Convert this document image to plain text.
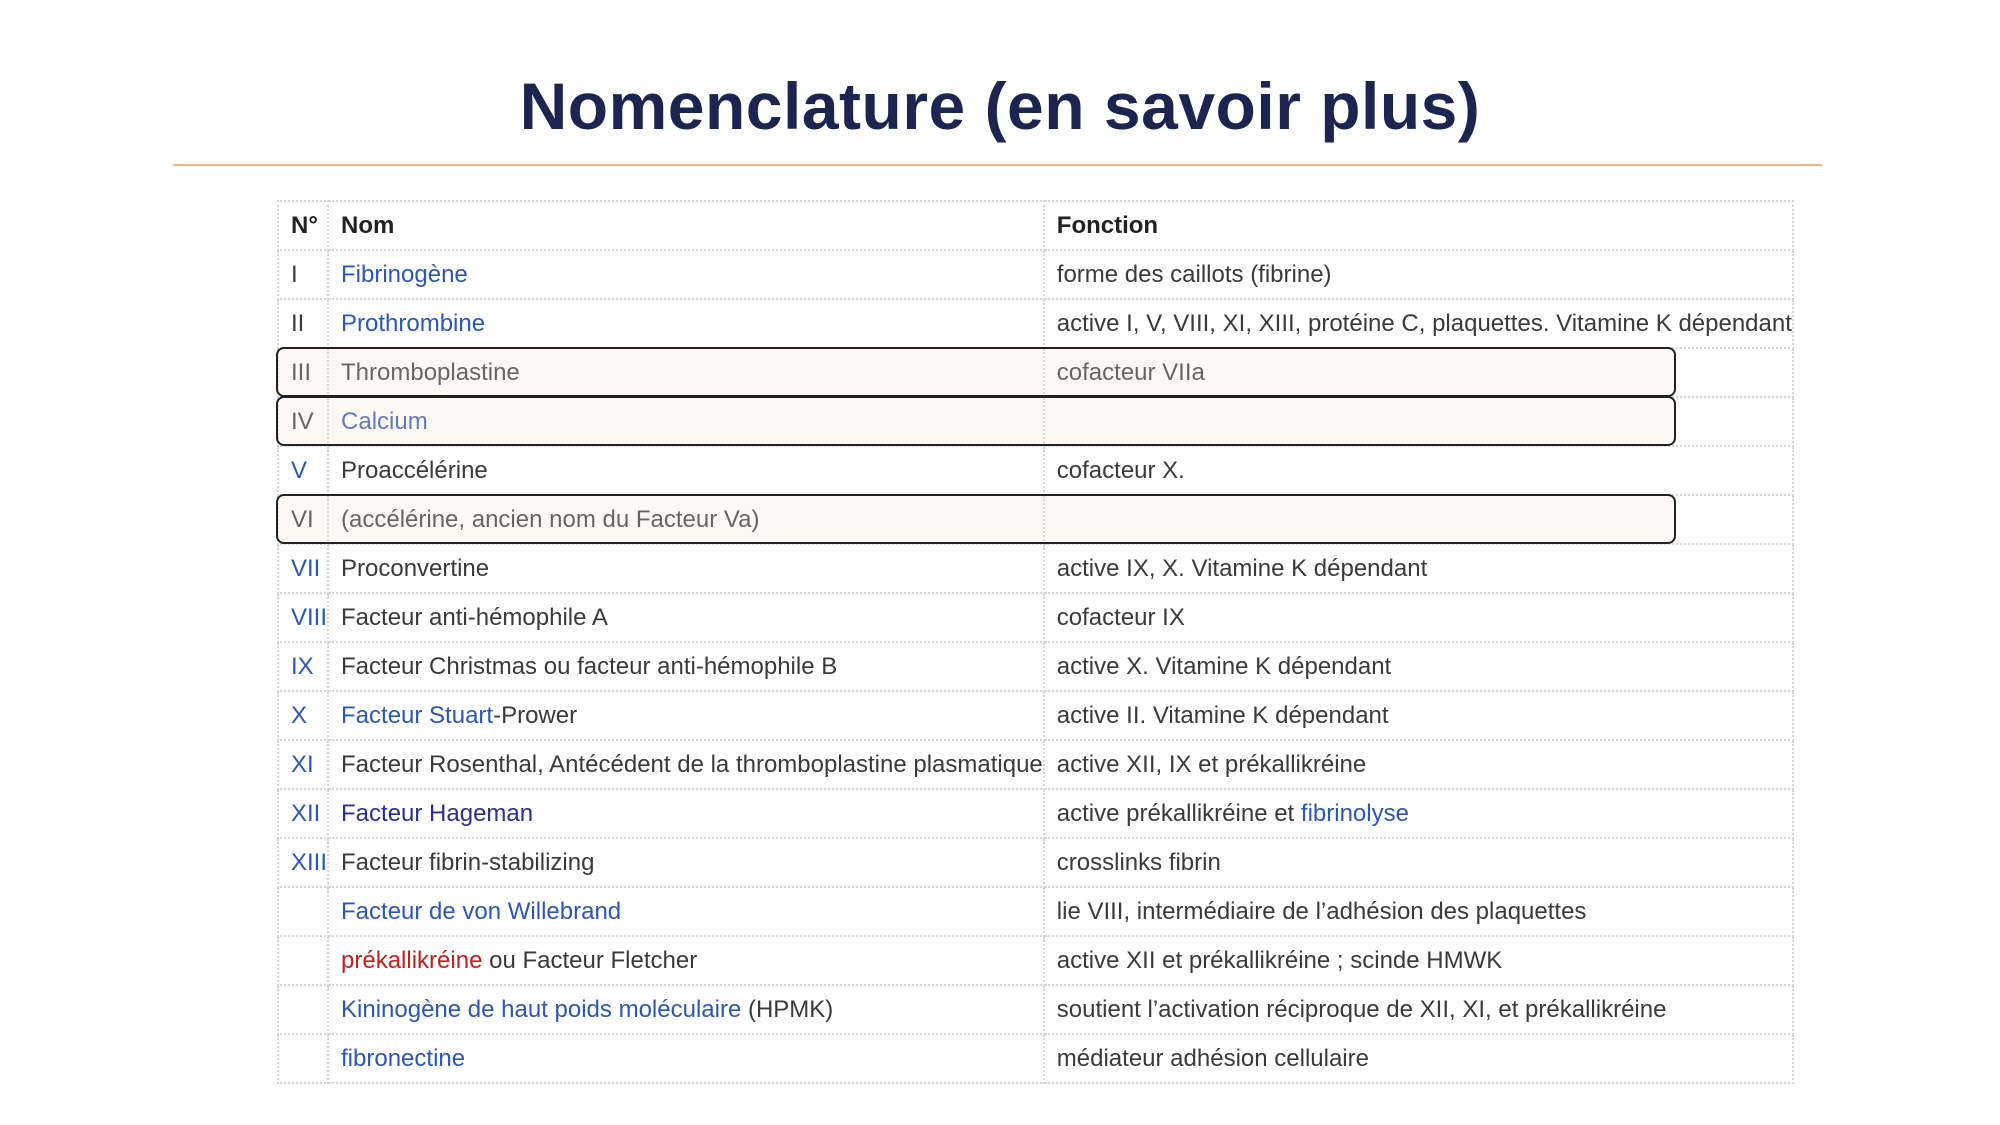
Nomenclature (en savoir plus)
N°	Nom	Fonction
I	Fibrinogène	forme des caillots (fibrine)
II	Prothrombine	active I, V, VIII, XI, XIII, protéine C, plaquettes. Vitamine K dépendant
III	Thromboplastine	cofacteur VIIa
IV	Calcium	
V	Proaccélérine	cofacteur X.
VI	(accélérine, ancien nom du Facteur Va)	
VII	Proconvertine	active IX, X. Vitamine K dépendant
VIII	Facteur anti-hémophile A	cofacteur IX
IX	Facteur Christmas ou facteur anti-hémophile B	active X. Vitamine K dépendant
X	Facteur Stuart-Prower	active II. Vitamine K dépendant
XI	Facteur Rosenthal, Antécédent de la thromboplastine plasmatique	active XII, IX et prékallikréine
XII	Facteur Hageman	active prékallikréine et fibrinolyse
XIII	Facteur fibrin-stabilizing	crosslinks fibrin
	Facteur de von Willebrand	lie VIII, intermédiaire de l’adhésion des plaquettes
	prékallikréine ou Facteur Fletcher	active XII et prékallikréine ; scinde HMWK
	Kininogène de haut poids moléculaire (HPMK)	soutient l’activation réciproque de XII, XI, et prékallikréine
	fibronectine	médiateur adhésion cellulaire
